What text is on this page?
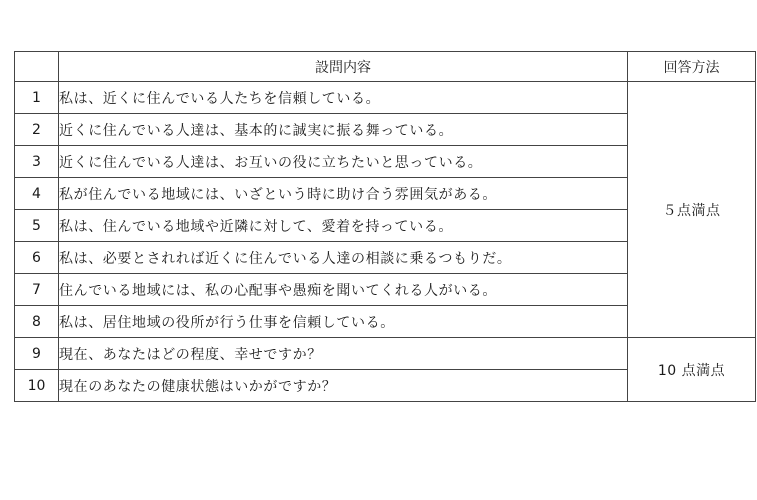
	設問内容	回答方法
1	私は、近くに住んでいる人たちを信頼している。	５点満点
2	近くに住んでいる人達は、基本的に誠実に振る舞っている。	
3	近くに住んでいる人達は、お互いの役に立ちたいと思っている。	
4	私が住んでいる地域には、いざという時に助け合う雰囲気がある。	
5	私は、住んでいる地域や近隣に対して、愛着を持っている。	
6	私は、必要とされれば近くに住んでいる人達の相談に乗るつもりだ。	
7	住んでいる地域には、私の心配事や愚痴を聞いてくれる人がいる。	
8	私は、居住地域の役所が行う仕事を信頼している。	
9	現在、あなたはどの程度、幸せですか？	10 点満点
10	現在のあなたの健康状態はいかがですか？	
